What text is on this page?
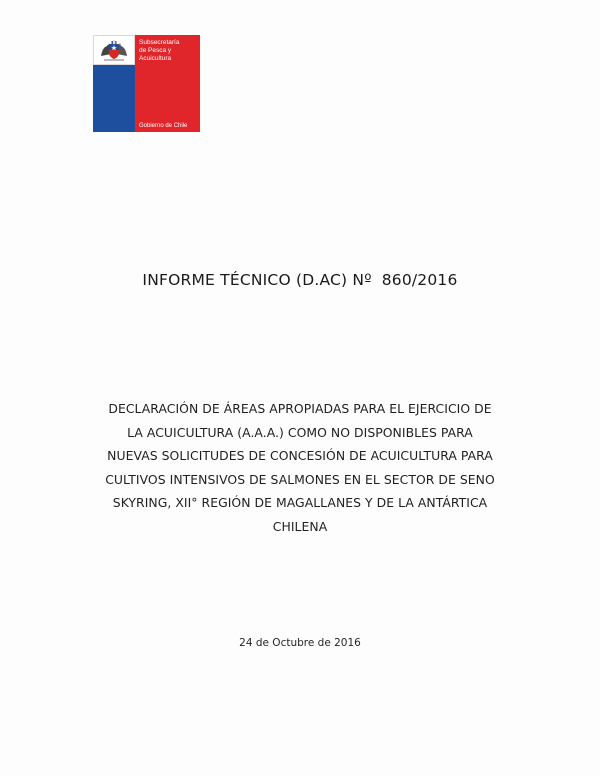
Subsecretaría
de Pesca y
Acuicultura
Gobierno de Chile
INFORME TÉCNICO (D.AC) Nº 860/2016
DECLARACIÓN DE ÁREAS APROPIADAS PARA EL EJERCICIO DE
LA ACUICULTURA (A.A.A.) COMO NO DISPONIBLES PARA
NUEVAS SOLICITUDES DE CONCESIÓN DE ACUICULTURA PARA
CULTIVOS INTENSIVOS DE SALMONES EN EL SECTOR DE SENO
SKYRING, XII° REGIÓN DE MAGALLANES Y DE LA ANTÁRTICA
CHILENA
24 de Octubre de 2016
